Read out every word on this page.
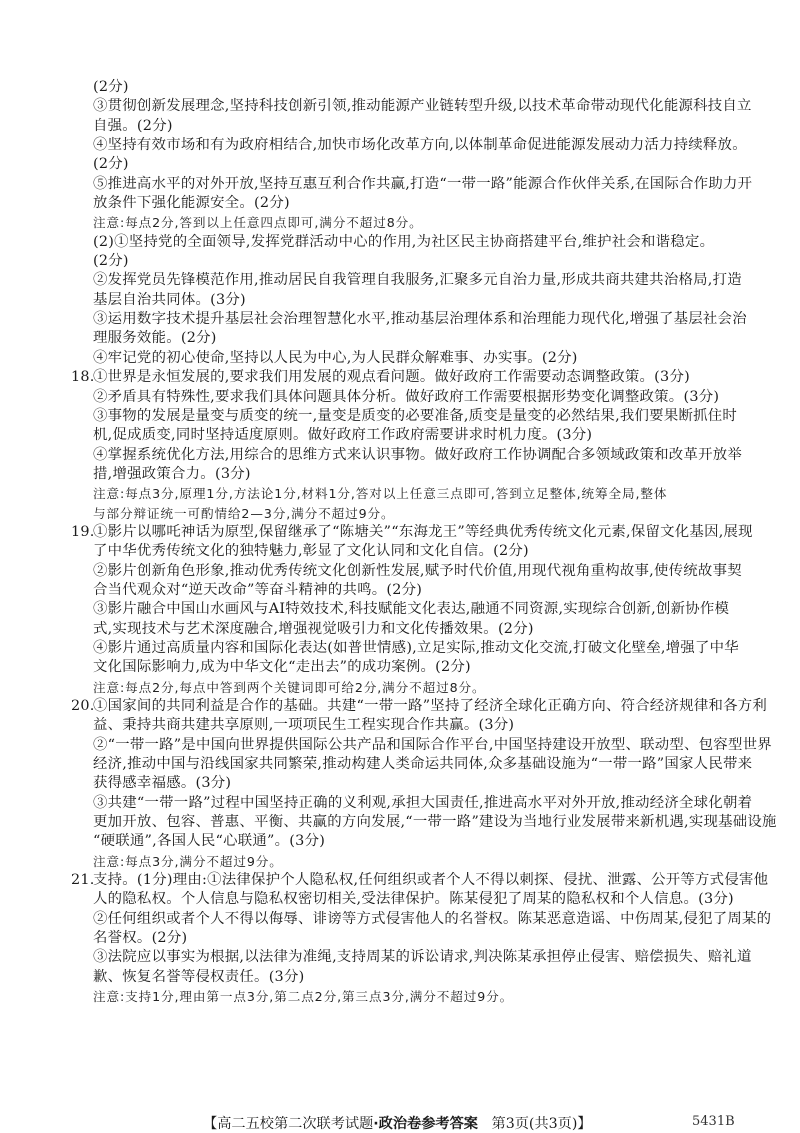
(2分)
③贯彻创新发展理念,坚持科技创新引领,推动能源产业链转型升级,以技术革命带动现代化能源科技自立
自强。(2分)
④坚持有效市场和有为政府相结合,加快市场化改革方向,以体制革命促进能源发展动力活力持续释放。
(2分)
⑤推进高水平的对外开放,坚持互惠互利合作共赢,打造“一带一路”能源合作伙伴关系,在国际合作助力开
放条件下强化能源安全。(2分)
注意:每点2分,答到以上任意四点即可,满分不超过8分。
(2)①坚持党的全面领导,发挥党群活动中心的作用,为社区民主协商搭建平台,维护社会和谐稳定。
(2分)
②发挥党员先锋模范作用,推动居民自我管理自我服务,汇聚多元自治力量,形成共商共建共治格局,打造
基层自治共同体。(3分)
③运用数字技术提升基层社会治理智慧化水平,推动基层治理体系和治理能力现代化,增强了基层社会治
理服务效能。(2分)
④牢记党的初心使命,坚持以人民为中心,为人民群众解难事、办实事。(2分)
18.
①世界是永恒发展的,要求我们用发展的观点看问题。做好政府工作需要动态调整政策。(3分)
②矛盾具有特殊性,要求我们具体问题具体分析。做好政府工作需要根据形势变化调整政策。(3分)
③事物的发展是量变与质变的统一,量变是质变的必要准备,质变是量变的必然结果,我们要果断抓住时
机,促成质变,同时坚持适度原则。做好政府工作政府需要讲求时机力度。(3分)
④掌握系统优化方法,用综合的思维方式来认识事物。做好政府工作协调配合多领域政策和改革开放举
措,增强政策合力。(3分)
注意:每点3分,原理1分,方法论1分,材料1分,答对以上任意三点即可,答到立足整体,统筹全局,整体
与部分辩证统一可酌情给2—3分,满分不超过9分。
19.
①影片以哪吒神话为原型,保留继承了“陈塘关”“东海龙王”等经典优秀传统文化元素,保留文化基因,展现
了中华优秀传统文化的独特魅力,彰显了文化认同和文化自信。(2分)
②影片创新角色形象,推动优秀传统文化创新性发展,赋予时代价值,用现代视角重构故事,使传统故事契
合当代观众对“逆天改命”等奋斗精神的共鸣。(2分)
③影片融合中国山水画风与AI特效技术,科技赋能文化表达,融通不同资源,实现综合创新,创新协作模
式,实现技术与艺术深度融合,增强视觉吸引力和文化传播效果。(2分)
④影片通过高质量内容和国际化表达(如普世情感),立足实际,推动文化交流,打破文化壁垒,增强了中华
文化国际影响力,成为中华文化“走出去”的成功案例。(2分)
注意:每点2分,每点中答到两个关键词即可给2分,满分不超过8分。
20.
①国家间的共同利益是合作的基础。共建“一带一路”坚持了经济全球化正确方向、符合经济规律和各方利
益、秉持共商共建共享原则,一项项民生工程实现合作共赢。(3分)
②“一带一路”是中国向世界提供国际公共产品和国际合作平台,中国坚持建设开放型、联动型、包容型世界
经济,推动中国与沿线国家共同繁荣,推动构建人类命运共同体,众多基础设施为“一带一路”国家人民带来
获得感幸福感。(3分)
③共建“一带一路”过程中国坚持正确的义利观,承担大国责任,推进高水平对外开放,推动经济全球化朝着
更加开放、包容、普惠、平衡、共赢的方向发展,“一带一路”建设为当地行业发展带来新机遇,实现基础设施
“硬联通”,各国人民“心联通”。(3分)
注意:每点3分,满分不超过9分。
21.
支持。(1分)理由:①法律保护个人隐私权,任何组织或者个人不得以刺探、侵扰、泄露、公开等方式侵害他
人的隐私权。个人信息与隐私权密切相关,受法律保护。陈某侵犯了周某的隐私权和个人信息。(3分)
②任何组织或者个人不得以侮辱、诽谤等方式侵害他人的名誉权。陈某恶意造谣、中伤周某,侵犯了周某的
名誉权。(2分)
③法院应以事实为根据,以法律为准绳,支持周某的诉讼请求,判决陈某承担停止侵害、赔偿损失、赔礼道
歉、恢复名誉等侵权责任。(3分)
注意:支持1分,理由第一点3分,第二点2分,第三点3分,满分不超过9分。
【高二五校第二次联考试题·政治卷参考答案 第3页(共3页)】	5431B
